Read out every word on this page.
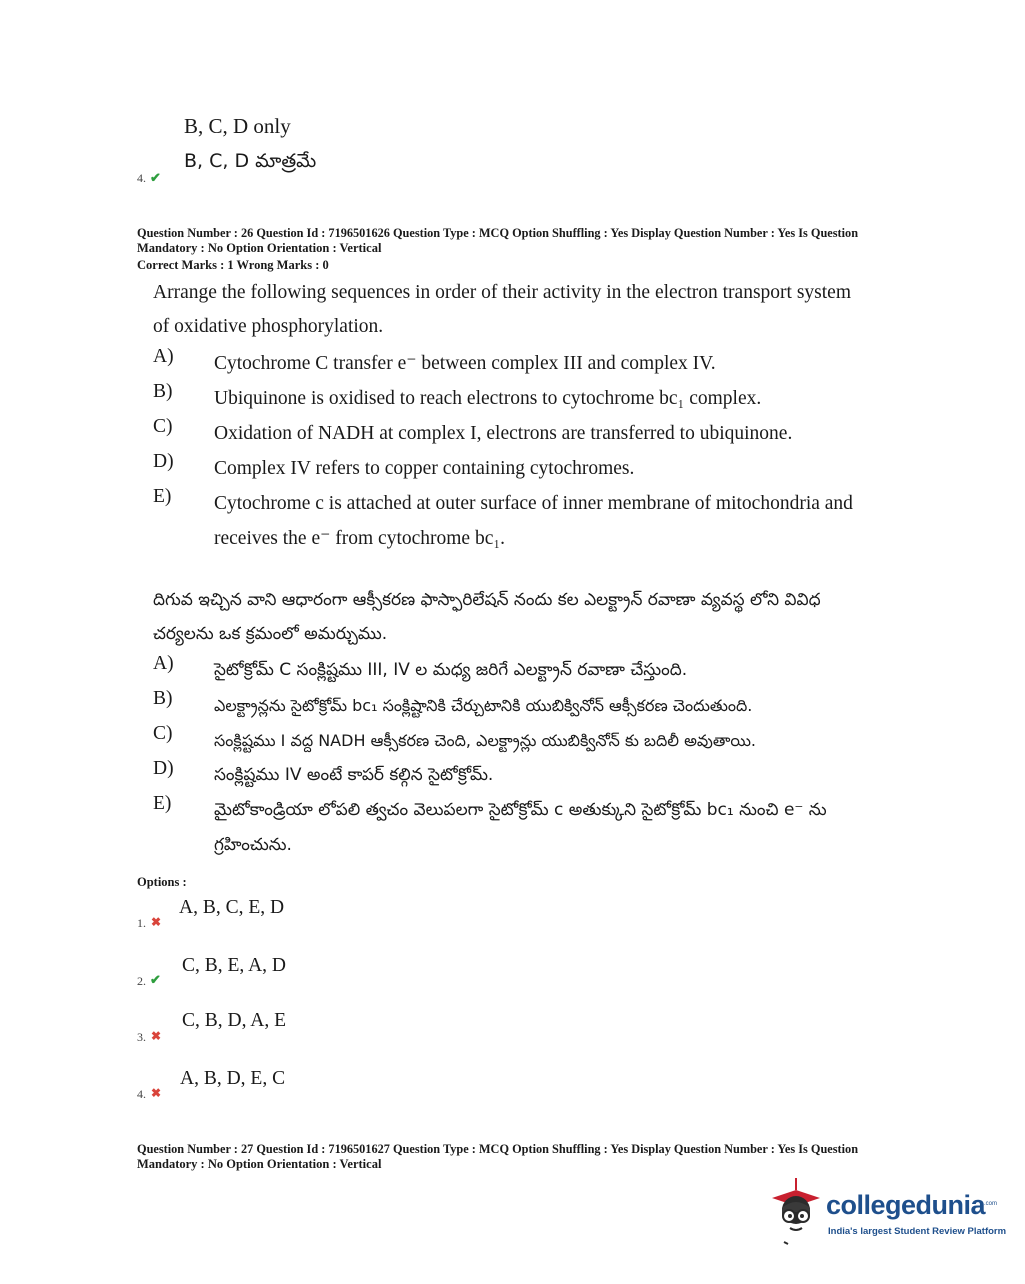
B, C, D only
B, C, D మాత్రమే
4. ✔
Question Number : 26 Question Id : 7196501626 Question Type : MCQ Option Shuffling : Yes Display Question Number : Yes Is Question
Mandatory : No Option Orientation : Vertical
Correct Marks : 1 Wrong Marks : 0
Arrange the following sequences in order of their activity in the electron transport system
of oxidative phosphorylation.
A) Cytochrome C transfer e⁻ between complex III and complex IV.
B) Ubiquinone is oxidised to reach electrons to cytochrome bc₁ complex.
C) Oxidation of NADH at complex I, electrons are transferred to ubiquinone.
D) Complex IV refers to copper containing cytochromes.
E) Cytochrome c is attached at outer surface of inner membrane of mitochondria and receives the e⁻ from cytochrome bc₁.
దిగువ ఇచ్చిన వాని ఆధారంగా ఆక్సీకరణ ఫాస్ఫారిలేషన్ నందు కల ఎలక్ట్రాన్ రవాణా వ్యవస్థ లోని వివిధ
చర్యలను ఒక క్రమంలో అమర్చుము.
A) సైటోక్రోమ్ C సంక్లిష్టము III, IV ల మధ్య జరిగే ఎలక్ట్రాన్ రవాణా చేస్తుంది.
B)	ఎలక్ట్రాన్లను సైటోక్రోమ్ bc₁ సంక్లిష్టానికి చేర్చుటానికి యుబిక్వినోన్ ఆక్సీకరణ చెందుతుంది.
C)	సంక్లిష్టము I వద్ద NADH ఆక్సీకరణ చెంది, ఎలక్ట్రాన్లు యుబిక్వినోన్ కు బదిలీ అవుతాయి.
D) సంక్లిష్టము IV అంటే కాపర్ కల్గిన సైటోక్రోమ్.
E)	మైటోకాండ్రియా లోపలి త్వచం వెలుపలగా సైటోక్రోమ్ c అతుక్కుని సైటోక్రోమ్ bc₁ నుంచి e⁻ ను గ్రహించును.
Options :
1. ✖
A, B, C, E, D
2. ✔
C, B, E, A, D
3. ✖
C, B, D, A, E
4. ✖
A, B, D, E, C
Question Number : 27 Question Id : 7196501627 Question Type : MCQ Option Shuffling : Yes Display Question Number : Yes Is Question
Mandatory : No Option Orientation : Vertical
collegedunia
.com
India's largest Student Review Platform
